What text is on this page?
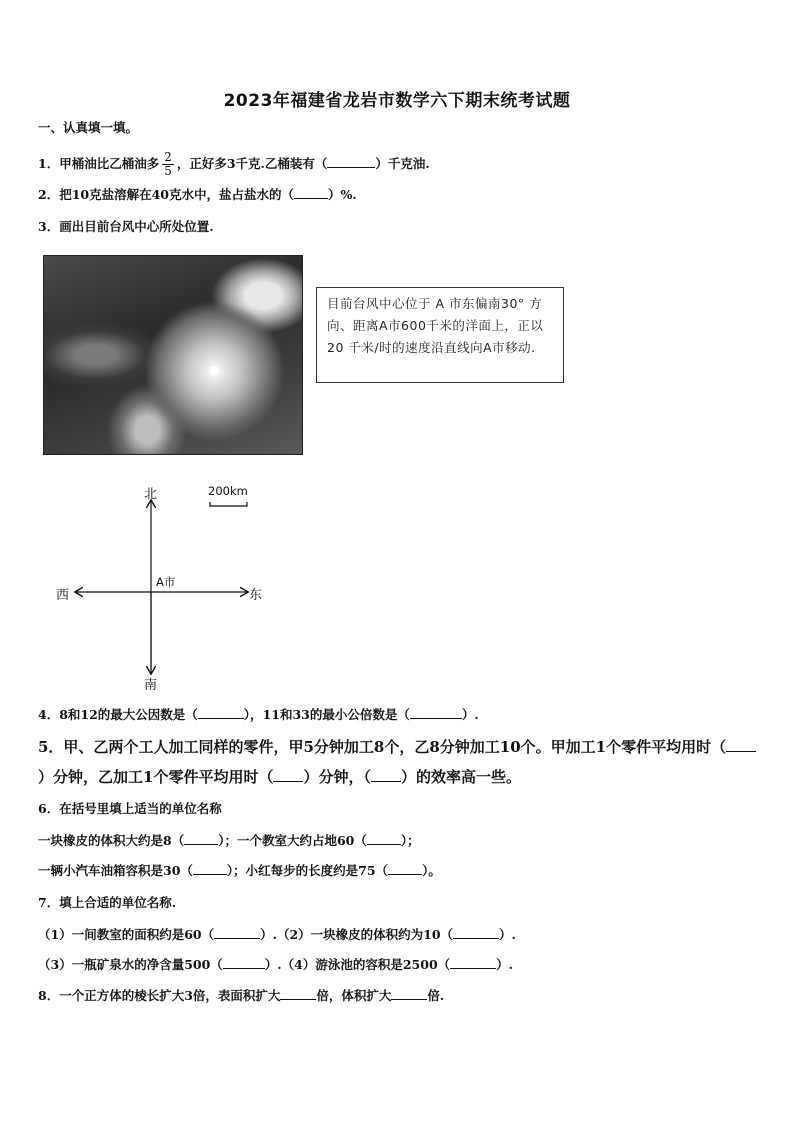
2023年福建省龙岩市数学六下期末统考试题
一、认真填一填。
1．甲桶油比乙桶油多 $\frac{2}{5}$ ，正好多3千克.乙桶装有（	）千克油.
2．把10克盐溶解在40克水中，盐占盐水的（	）%.
3．画出目前台风中心所处位置.
目前台风中心位于 A 市东偏南30° 方向、距离A市600千米的洋面上，正以 20 千米/时的速度沿直线向A市移动.
北
南
东
西
A市
200km
4．8和12的最大公因数是（	），11和33的最小公倍数是（	）.
5．甲、乙两个工人加工同样的零件，甲5分钟加工8个，乙8分钟加工10个。甲加工1个零件平均用时（）分钟，乙加工1个零件平均用时（ ）分钟，（ ）的效率高一些。
6．在括号里填上适当的单位名称
一块橡皮的体积大约是8（	）；一个教室大约占地60（	）；
一辆小汽车油箱容积是30（	）；小红每步的长度约是75（	）。
7．填上合适的单位名称.
（1）一间教室的面积约是60（	）.（2）一块橡皮的体积约为10（	）.
（3）一瓶矿泉水的净含量500（	）.（4）游泳池的容积是2500（	）.
8．一个正方体的棱长扩大3倍，表面积扩大	倍，体积扩大	倍.
